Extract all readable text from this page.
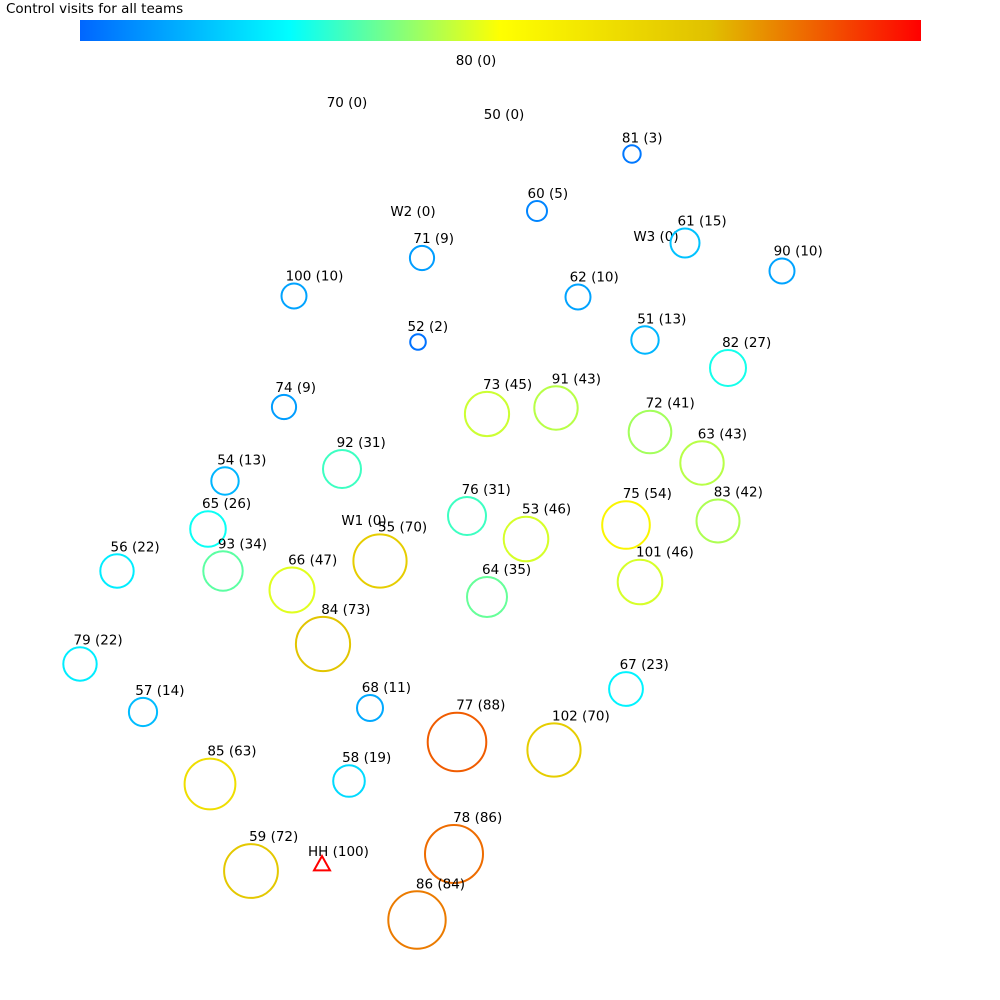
Control visits for all teams
80 (0)
70 (0)
50 (0)
81 (3)
60 (5)
W2 (0)
71 (9)	W3 (0)
61 (15)
90 (10)
100 (10)	62 (10)
52 (2)	51 (13)
82 (27)
74 (9)	73 (45) 91 (43)
72 (41)
63 (43)
92 (31)
54 (13)
76 (31)
53 (46)
75 (54)	83 (42)
65 (26)
W1 (0)
55 (70)
56 (22)	93 (34)
66 (47)
64 (35)
101 (46)
84 (73)
79 (22)
67 (23)
57 (14)	68 (11)
77 (88)
102 (70)
85 (63)	58 (19)
78 (86)
59 (72)
86 (84)
HH (100)
